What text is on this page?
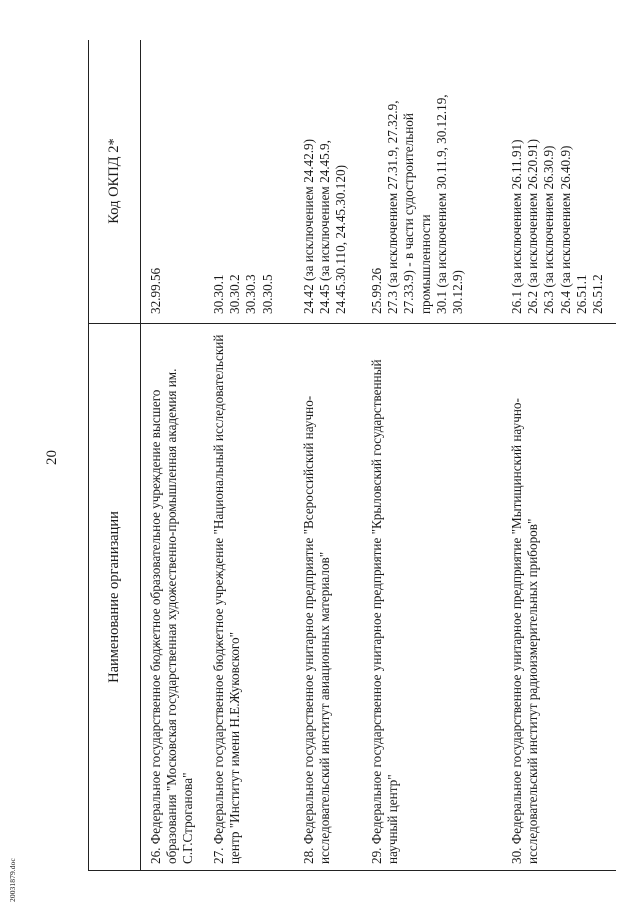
20031879.doc
20
Наименование организации
Код ОКПД 2*
26. Федеральное государственное бюджетное образовательное учреждение высшего образования "Московская государственная художественно-промышленная академия им. С.Г.Строганова"
32.99.56
27. Федеральное государственное бюджетное учреждение "Национальный исследовательский центр "Институт имени Н.Е.Жуковского"
30.30.1 30.30.2 30.30.3 30.30.5
28. Федеральное государственное унитарное предприятие "Всероссийский научно-исследовательский институт авиационных материалов"
24.42 (за исключением 24.42.9) 24.45 (за исключением 24.45.9, 24.45.30.110, 24.45.30.120)
29. Федеральное государственное унитарное предприятие "Крыловский государственный научный центр"
25.99.26 27.3 (за исключением 27.31.9, 27.32.9, 27.33.9) - в части судостроительной промышленности 30.1 (за исключением 30.11.9, 30.12.19, 30.12.9)
30. Федеральное государственное унитарное предприятие "Мытищинский научно-исследовательский институт радиоизмерительных приборов"
26.1 (за исключением 26.11.91) 26.2 (за исключением 26.20.91) 26.3 (за исключением 26.30.9) 26.4 (за исключением 26.40.9) 26.51.1 26.51.2
